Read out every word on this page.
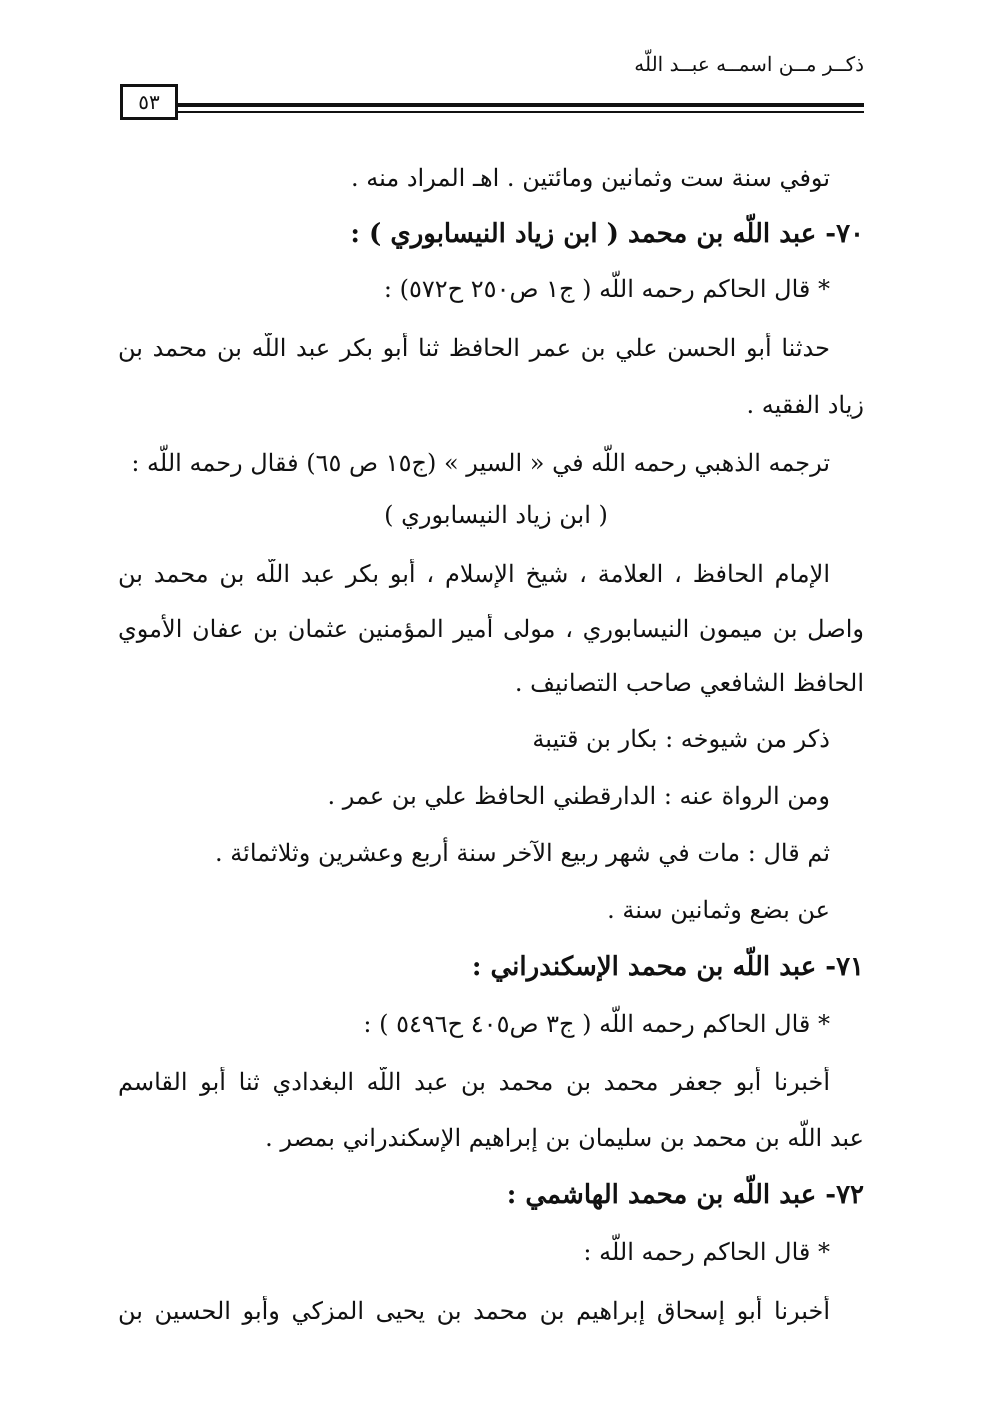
ذكــر مــن اسمــه عبــد اللّه
٥٣
توفي سنة ست وثمانين ومائتين . اهـ المراد منه .
٧٠- عبد اللّه بن محمد ( ابن زياد النيسابوري ) :
* قال الحاكم رحمه اللّه ( ج١ ص٢٥٠ ح٥٧٢) :
حدثنا أبو الحسن علي بن عمر الحافظ ثنا أبو بكر عبد اللّه بن محمد بن
زياد الفقيه .
ترجمه الذهبي رحمه اللّه في « السير » (ج١٥ ص ٦٥) فقال رحمه اللّه :
( ابن زياد النيسابوري )
الإمام الحافظ ، العلامة ، شيخ الإسلام ، أبو بكر عبد اللّه بن محمد بن
واصل بن ميمون النيسابوري ، مولى أمير المؤمنين عثمان بن عفان الأموي
الحافظ الشافعي صاحب التصانيف .
ذكر من شيوخه : بكار بن قتيبة
ومن الرواة عنه : الدارقطني الحافظ علي بن عمر .
ثم قال : مات في شهر ربيع الآخر سنة أربع وعشرين وثلاثمائة .
عن بضع وثمانين سنة .
٧١- عبد اللّه بن محمد الإسكندراني :
* قال الحاكم رحمه اللّه ( ج٣ ص٤٠٥ ح٥٤٩٦ ) :
أخبرنا أبو جعفر محمد بن محمد بن عبد اللّه البغدادي ثنا أبو القاسم
عبد اللّه بن محمد بن سليمان بن إبراهيم الإسكندراني بمصر .
٧٢- عبد اللّه بن محمد الهاشمي :
* قال الحاكم رحمه اللّه :
أخبرنا أبو إسحاق إبراهيم بن محمد بن يحيى المزكي وأبو الحسين بن
